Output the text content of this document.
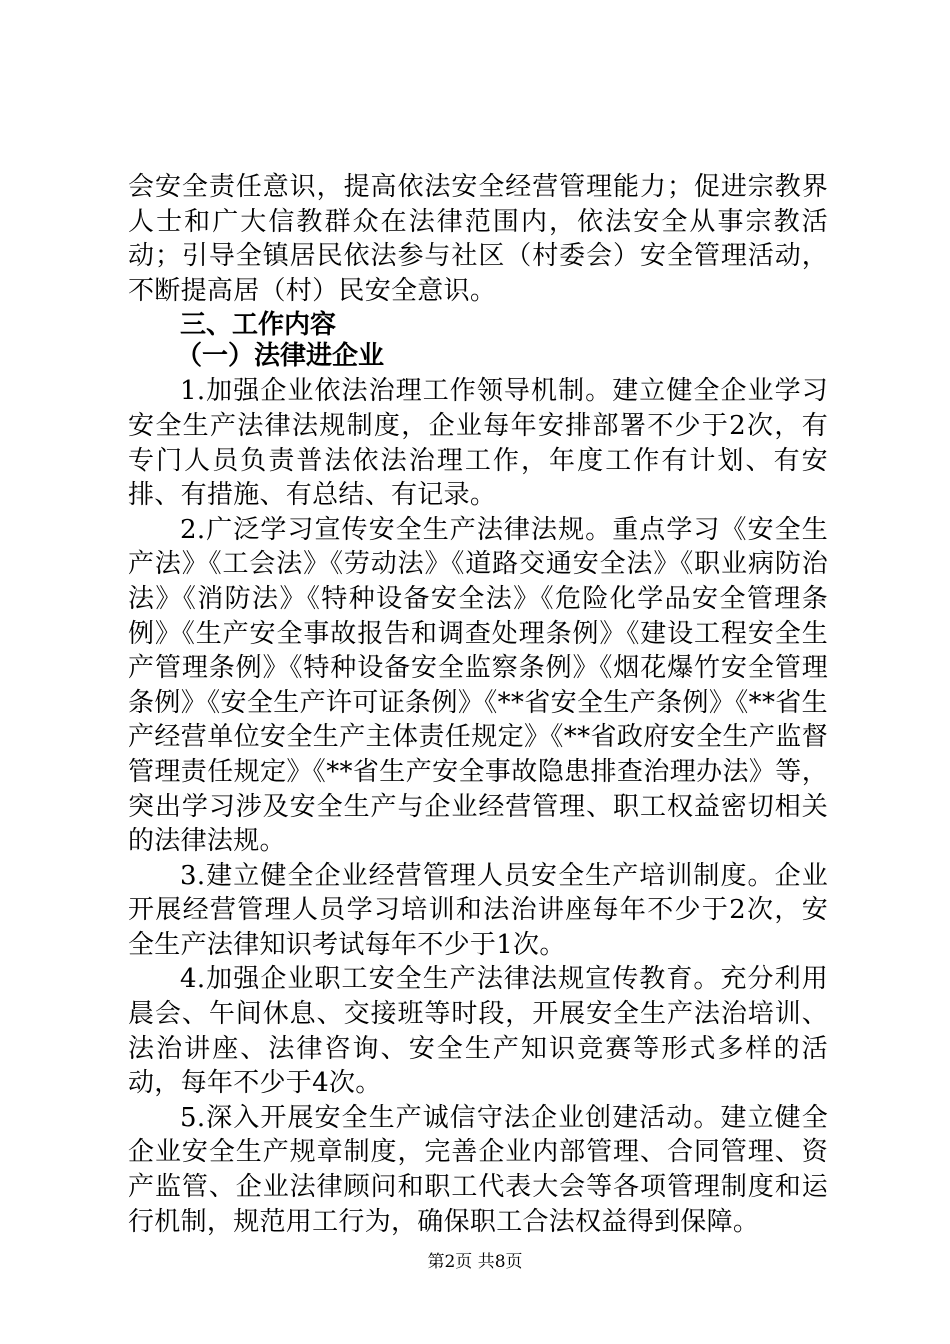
会安全责任意识，提高依法安全经营管理能力；促进宗教界人士和广大信教群众在法律范围内，依法安全从事宗教活动；引导全镇居民依法参与社区（村委会）安全管理活动，不断提高居（村）民安全意识。

三、工作内容

（一）法律进企业

1.加强企业依法治理工作领导机制。建立健全企业学习安全生产法律法规制度，企业每年安排部署不少于2次，有专门人员负责普法依法治理工作，年度工作有计划、有安排、有措施、有总结、有记录。

2.广泛学习宣传安全生产法律法规。重点学习《安全生产法》《工会法》《劳动法》《道路交通安全法》《职业病防治法》《消防法》《特种设备安全法》《危险化学品安全管理条例》《生产安全事故报告和调查处理条例》《建设工程安全生产管理条例》《特种设备安全监察条例》《烟花爆竹安全管理条例》《安全生产许可证条例》《**省安全生产条例》《**省生产经营单位安全生产主体责任规定》《**省政府安全生产监督管理责任规定》《**省生产安全事故隐患排查治理办法》等，突出学习涉及安全生产与企业经营管理、职工权益密切相关的法律法规。

3.建立健全企业经营管理人员安全生产培训制度。企业开展经营管理人员学习培训和法治讲座每年不少于2次，安全生产法律知识考试每年不少于1次。

4.加强企业职工安全生产法律法规宣传教育。充分利用晨会、午间休息、交接班等时段，开展安全生产法治培训、法治讲座、法律咨询、安全生产知识竞赛等形式多样的活动，每年不少于4次。

5.深入开展安全生产诚信守法企业创建活动。建立健全企业安全生产规章制度，完善企业内部管理、合同管理、资产监管、企业法律顾问和职工代表大会等各项管理制度和运行机制，规范用工行为，确保职工合法权益得到保障。

第2页 共8页
